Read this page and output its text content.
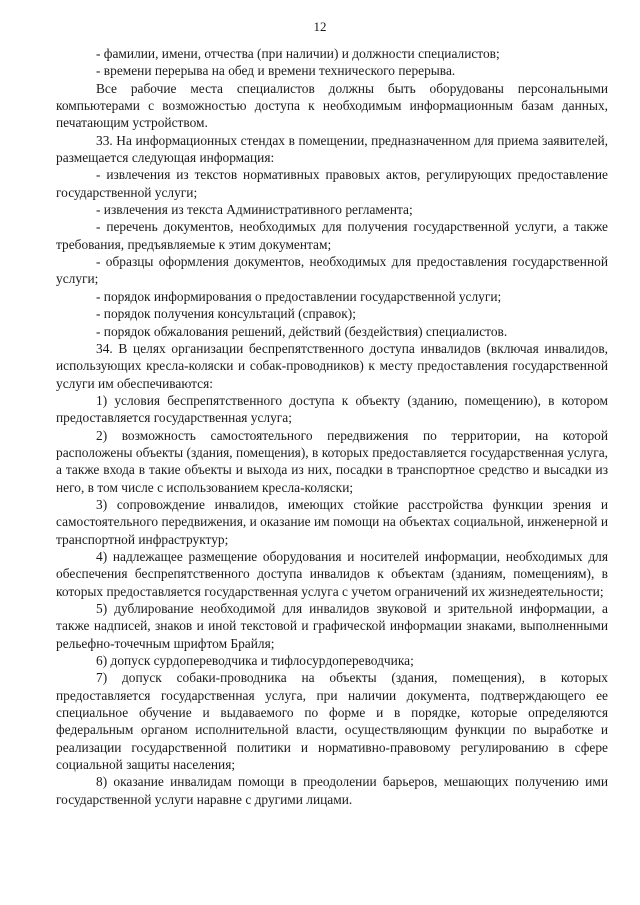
12

- фамилии, имени, отчества (при наличии) и должности специалистов;

- времени перерыва на обед и времени технического перерыва.

Все рабочие места специалистов должны быть оборудованы персональными компьютерами с возможностью доступа к необходимым информационным базам данных, печатающим устройством.

33. На информационных стендах в помещении, предназначенном для приема заявителей, размещается следующая информация:

- извлечения из текстов нормативных правовых актов, регулирующих предоставление государственной услуги;

- извлечения из текста Административного регламента;

- перечень документов, необходимых для получения государственной услуги, а также требования, предъявляемые к этим документам;

- образцы оформления документов, необходимых для предоставления государственной услуги;

- порядок информирования о предоставлении государственной услуги;

- порядок получения консультаций (справок);

- порядок обжалования решений, действий (бездействия) специалистов.

34. В целях организации беспрепятственного доступа инвалидов (включая инвалидов, использующих кресла-коляски и собак-проводников) к месту предоставления государственной услуги им обеспечиваются:

1) условия беспрепятственного доступа к объекту (зданию, помещению), в котором предоставляется государственная услуга;

2) возможность самостоятельного передвижения по территории, на которой расположены объекты (здания, помещения), в которых предоставляется государственная услуга, а также входа в такие объекты и выхода из них, посадки в транспортное средство и высадки из него, в том числе с использованием кресла-коляски;

3) сопровождение инвалидов, имеющих стойкие расстройства функции зрения и самостоятельного передвижения, и оказание им помощи на объектах социальной, инженерной и транспортной инфраструктур;

4) надлежащее размещение оборудования и носителей информации, необходимых для обеспечения беспрепятственного доступа инвалидов к объектам (зданиям, помещениям), в которых предоставляется государственная услуга с учетом ограничений их жизнедеятельности;

5) дублирование необходимой для инвалидов звуковой и зрительной информации, а также надписей, знаков и иной текстовой и графической информации знаками, выполненными рельефно-точечным шрифтом Брайля;

6) допуск сурдопереводчика и тифлосурдопереводчика;

7) допуск собаки-проводника на объекты (здания, помещения), в которых предоставляется государственная услуга, при наличии документа, подтверждающего ее специальное обучение и выдаваемого по форме и в порядке, которые определяются федеральным органом исполнительной власти, осуществляющим функции по выработке и реализации государственной политики и нормативно-правовому регулированию в сфере социальной защиты населения;

8) оказание инвалидам помощи в преодолении барьеров, мешающих получению ими государственной услуги наравне с другими лицами.
